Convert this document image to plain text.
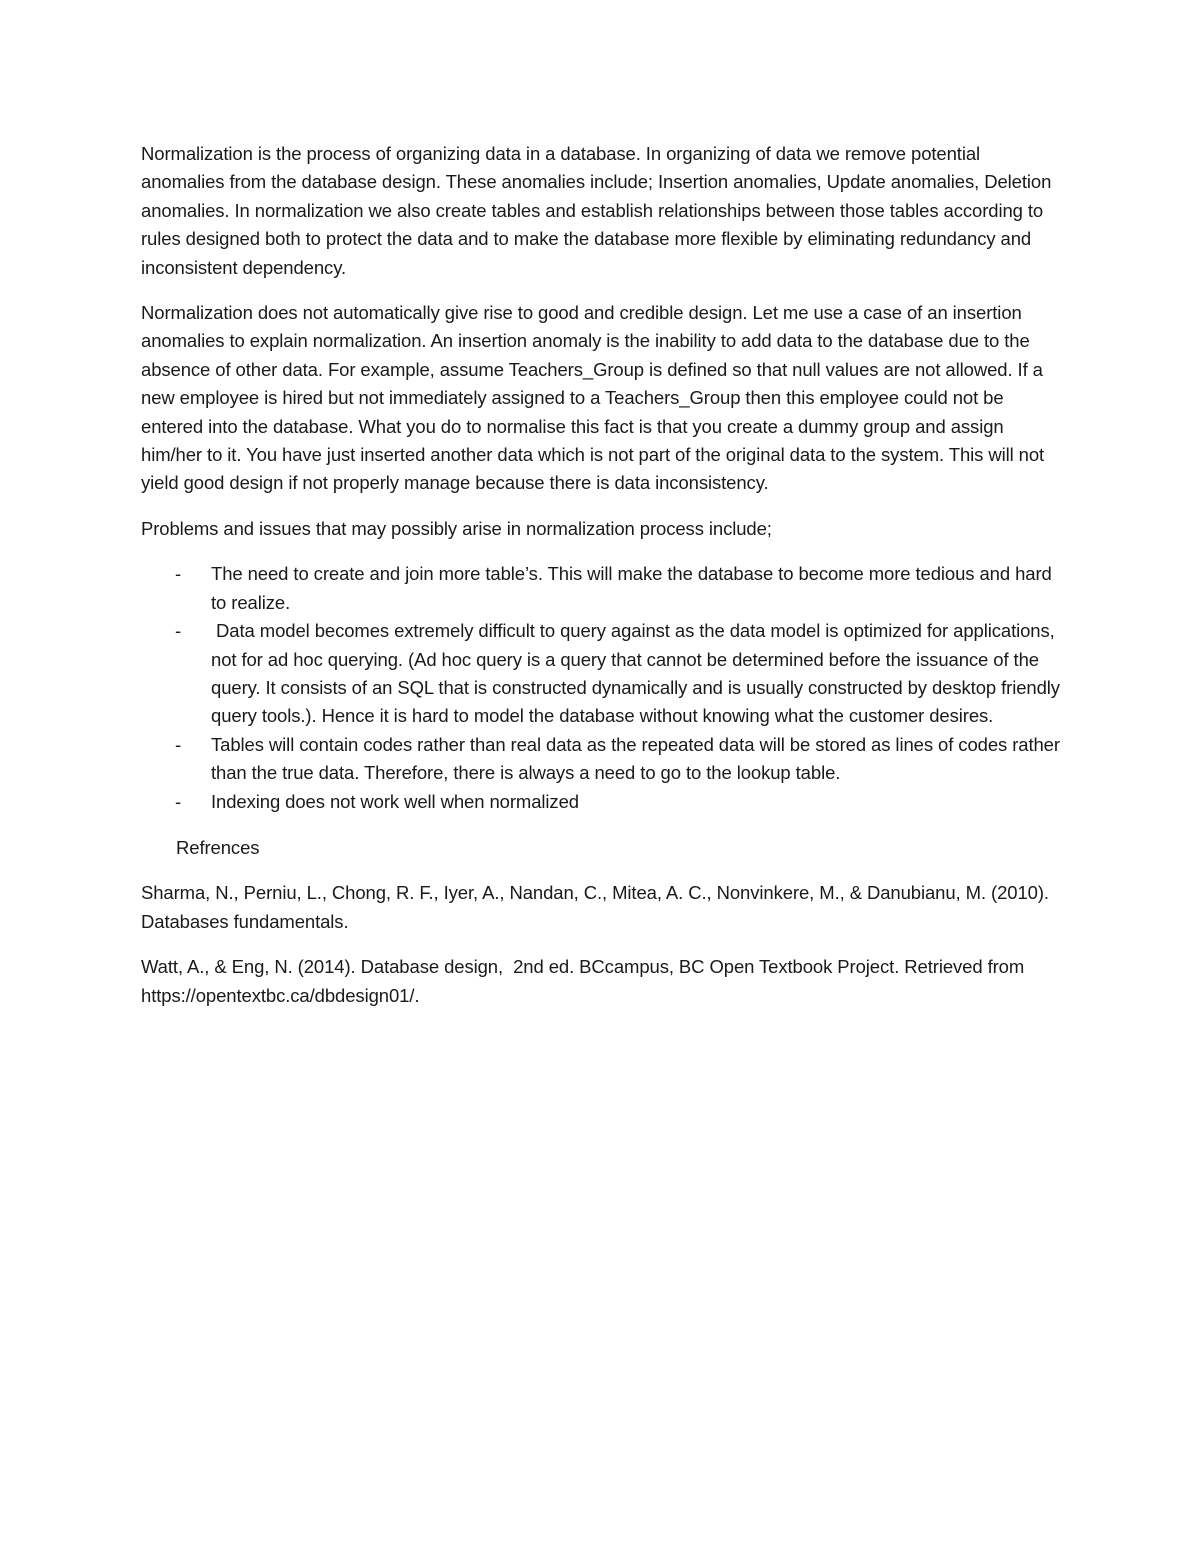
Normalization is the process of organizing data in a database. In organizing of data we remove potential anomalies from the database design. These anomalies include; Insertion anomalies, Update anomalies, Deletion anomalies. In normalization we also create tables and establish relationships between those tables according to rules designed both to protect the data and to make the database more flexible by eliminating redundancy and inconsistent dependency.

Normalization does not automatically give rise to good and credible design. Let me use a case of an insertion anomalies to explain normalization. An insertion anomaly is the inability to add data to the database due to the absence of other data. For example, assume Teachers_Group is defined so that null values are not allowed. If a new employee is hired but not immediately assigned to a Teachers_Group then this employee could not be entered into the database. What you do to normalise this fact is that you create a dummy group and assign him/her to it. You have just inserted another data which is not part of the original data to the system. This will not yield good design if not properly manage because there is data inconsistency.

Problems and issues that may possibly arise in normalization process include;

- The need to create and join more table’s. This will make the database to become more tedious and hard to realize.
- Data model becomes extremely difficult to query against as the data model is optimized for applications, not for ad hoc querying. (Ad hoc query is a query that cannot be determined before the issuance of the query. It consists of an SQL that is constructed dynamically and is usually constructed by desktop friendly query tools.). Hence it is hard to model the database without knowing what the customer desires.
- Tables will contain codes rather than real data as the repeated data will be stored as lines of codes rather than the true data. Therefore, there is always a need to go to the lookup table.
- Indexing does not work well when normalized

Refrences

Sharma, N., Perniu, L., Chong, R. F., Iyer, A., Nandan, C., Mitea, A. C., Nonvinkere, M., & Danubianu, M. (2010). Databases fundamentals.

Watt, A., & Eng, N. (2014). Database design,  2nd ed. BCcampus, BC Open Textbook Project. Retrieved from https://opentextbc.ca/dbdesign01/.
